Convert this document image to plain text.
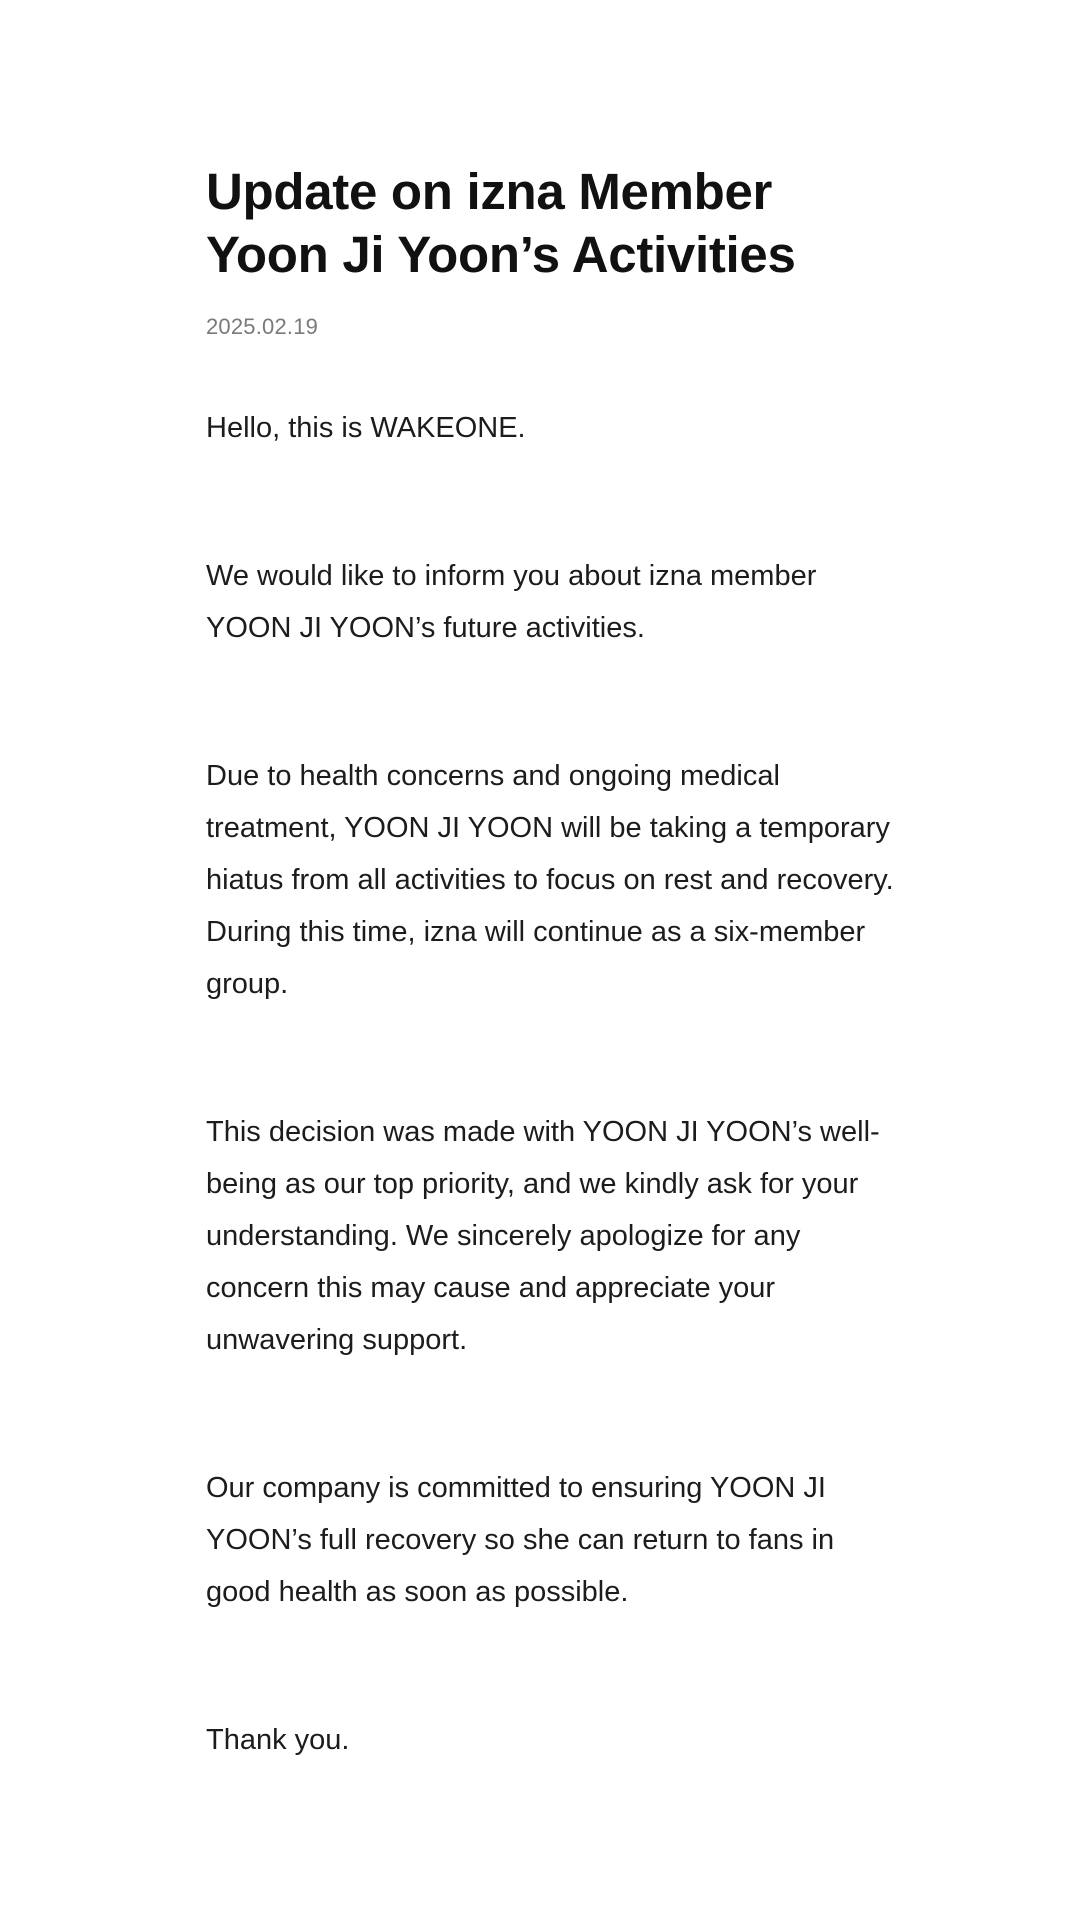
Update on izna Member
Yoon Ji Yoon’s Activities
2025.02.19

Hello, this is WAKEONE.

We would like to inform you about izna member YOON JI YOON’s future activities.

Due to health concerns and ongoing medical treatment, YOON JI YOON will be taking a temporary hiatus from all activities to focus on rest and recovery. During this time, izna will continue as a six-member group.

This decision was made with YOON JI YOON’s well-being as our top priority, and we kindly ask for your understanding. We sincerely apologize for any concern this may cause and appreciate your unwavering support.

Our company is committed to ensuring YOON JI YOON’s full recovery so she can return to fans in good health as soon as possible.

Thank you.
